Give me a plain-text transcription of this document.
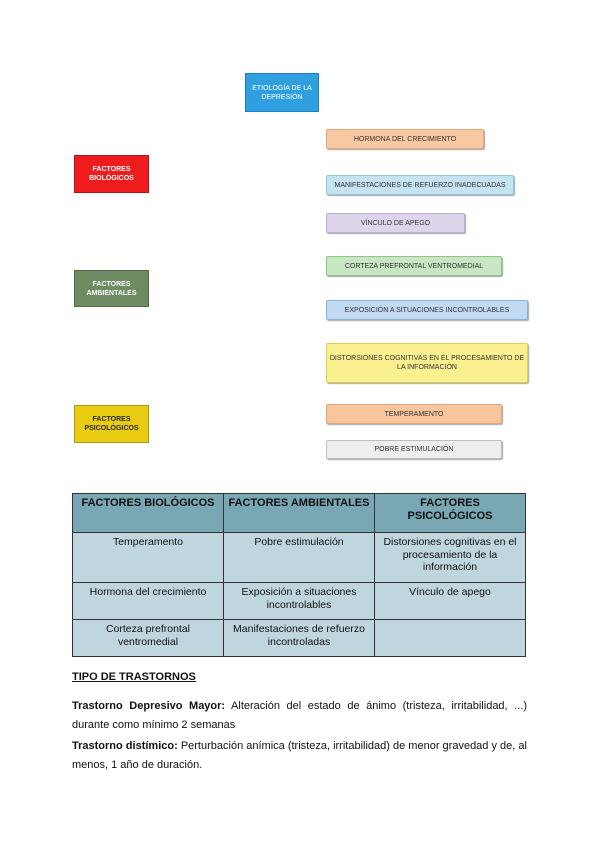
ETIOLOGÍA DE LA DEPRESIÓN
FACTORES BIOLÓGICOS
FACTORES AMBIENTALES
FACTORES PSICOLÓGICOS
HORMONA DEL CRECIMIENTO
MANIFESTACIONES DE REFUERZO INADECUADAS
VÍNCULO DE APEGO
CORTEZA PREFRONTAL VENTROMEDIAL
EXPOSICIÓN A SITUACIONES INCONTROLABLES
DISTORSIONES COGNITIVAS EN EL PROCESAMIENTO DE LA INFORMACIÓN
TEMPERAMENTO
POBRE ESTIMULACIÓN
FACTORES BIOLÓGICOS	FACTORES AMBIENTALES	FACTORES PSICOLÓGICOS
Temperamento	Pobre estimulación	Distorsiones cognitivas en el procesamiento de la información
Hormona del crecimiento	Exposición a situaciones incontrolables	Vínculo de apego
Corteza prefrontal ventromedial	Manifestaciones de refuerzo incontroladas	
TIPO DE TRASTORNOS
Trastorno Depresivo Mayor: Alteración del estado de ánimo (tristeza, irritabilidad, ...) durante como mínimo 2 semanas
Trastorno distímico: Perturbación anímica (tristeza, irritabilidad) de menor gravedad y de, al menos, 1 año de duración.
